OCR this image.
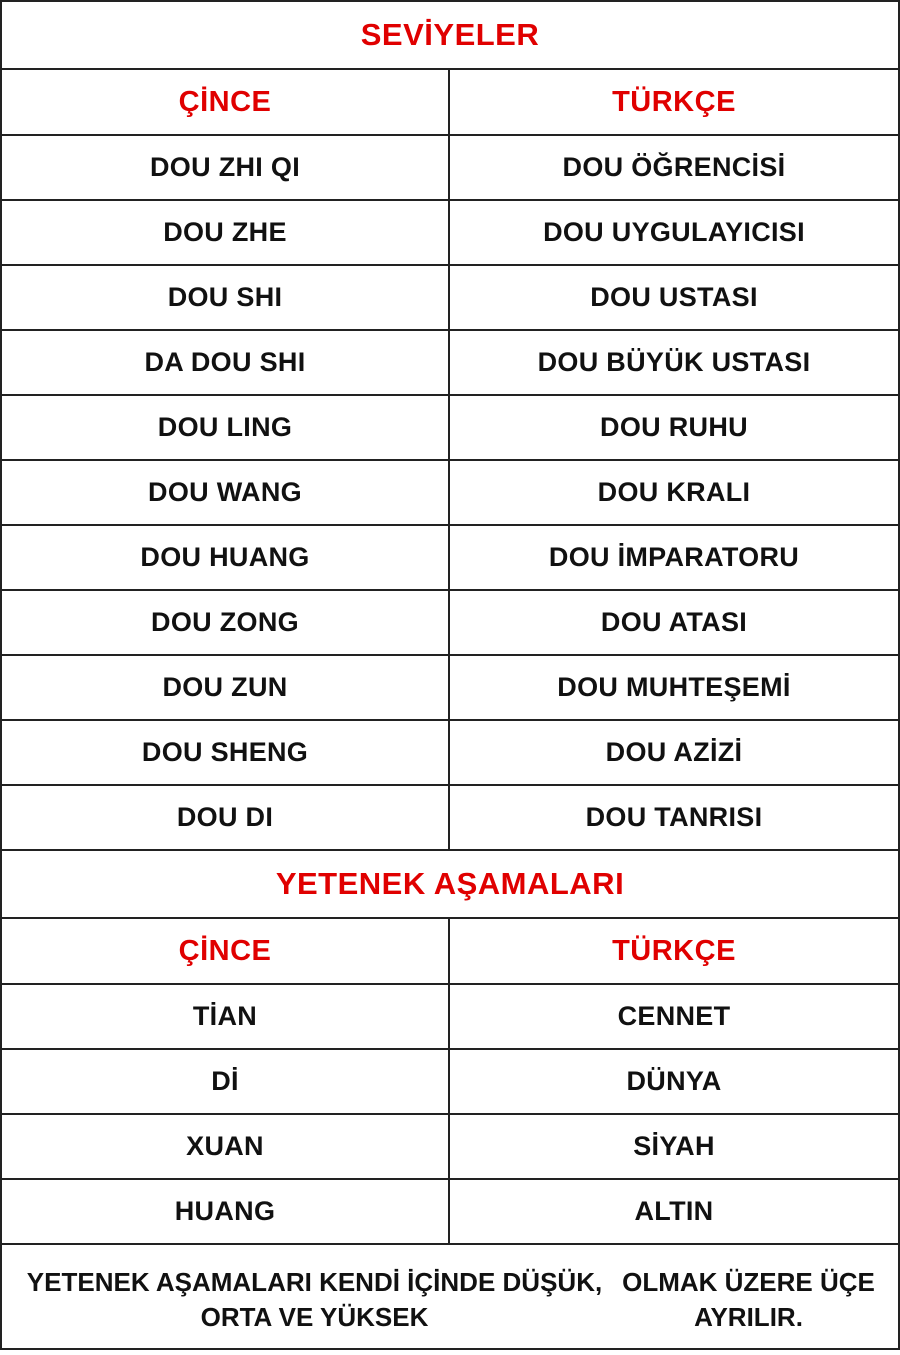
SEVİYELER
ÇİNCE	TÜRKÇE
DOU ZHI QI	DOU ÖĞRENCİSİ
DOU ZHE	DOU UYGULAYICISI
DOU SHI	DOU USTASI
DA DOU SHI	DOU BÜYÜK USTASI
DOU LING	DOU RUHU
DOU WANG	DOU KRALI
DOU HUANG	DOU İMPARATORU
DOU ZONG	DOU ATASI
DOU ZUN	DOU MUHTEŞEMİ
DOU SHENG	DOU AZİZİ
DOU DI	DOU TANRISI
YETENEK AŞAMALARI
ÇİNCE	TÜRKÇE
TİAN	CENNET
Dİ	DÜNYA
XUAN	SİYAH
HUANG	ALTIN
YETENEK AŞAMALARI KENDİ İÇİNDE DÜŞÜK, ORTA VE YÜKSEK
OLMAK ÜZERE ÜÇE AYRILIR.
